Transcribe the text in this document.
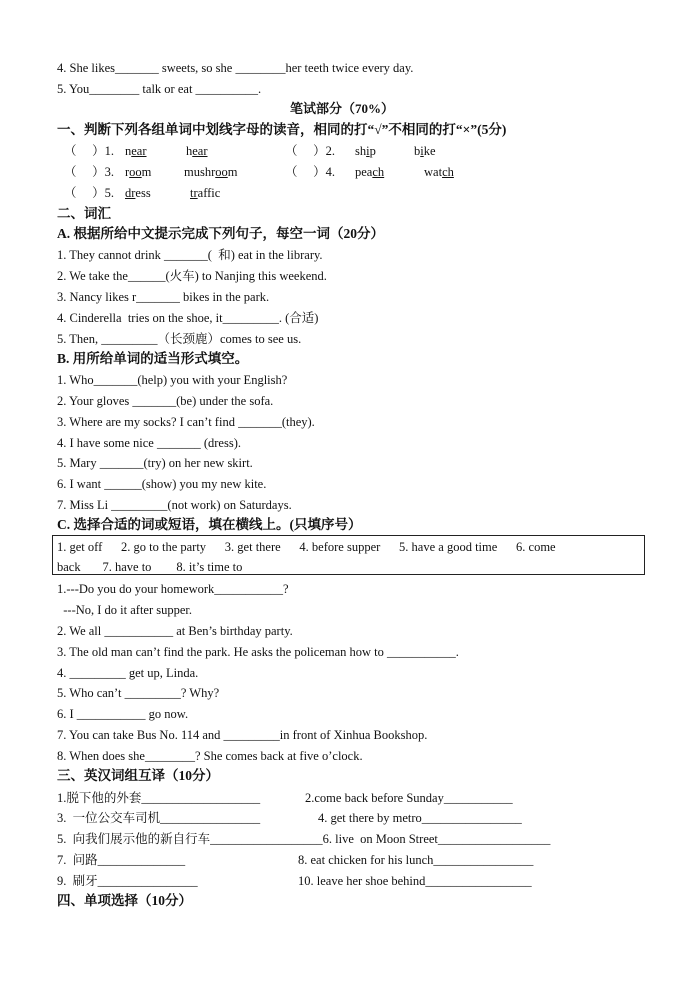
4. She likes_______ sweets, so she ________her teeth twice every day.
5. You________ talk or eat __________.
笔试部分（70%）
一、判断下列各组单词中划线字母的读音，相同的打“√”不相同的打“×”(5分)
（     ）1. near	hear	（     ）2. ship	bike
（     ）3. room	mushroom	（     ）4. peach	watch
（     ）5. dress	traffic
二、词汇
A. 根据所给中文提示完成下列句子，每空一词（20分）
1. They cannot drink _______(  和) eat in the library.
2. We take the______(火车) to Nanjing this weekend.
3. Nancy likes r_______ bikes in the park.
4. Cinderella  tries on the shoe, it_________. (合适)
5. Then, _________（长颈鹿）comes to see us.
B. 用所给单词的适当形式填空。
1. Who_______(help) you with your English?
2. Your gloves _______(be) under the sofa.
3. Where are my socks? I can’t find _______(they).
4. I have some nice _______ (dress).
5. Mary _______(try) on her new skirt.
6. I want ______(show) you my new kite.
7. Miss Li _________(not work) on Saturdays.
C. 选择合适的词或短语，填在横线上。(只填序号）
1. get off      2. go to the party      3. get there      4. before supper      5. have a good time      6. come
back       7. have to        8. it’s time to
1.---Do you do your homework___________?
---No, I do it after supper.
2. We all ___________ at Ben’s birthday party.
3. The old man can’t find the park. He asks the policeman how to ___________.
4. _________ get up, Linda.
5. Who can’t _________? Why?
6. I ___________ go now.
7. You can take Bus No. 114 and _________in front of Xinhua Bookshop.
8. When does she________? She comes back at five o’clock.
三、英汉词组互译（10分）
1.脱下他的外套___________________	2.come back before Sunday___________
3.  一位公交车司机________________	4. get there by metro________________
5.  向我们展示他的新自行车__________________6. live  on Moon Street__________________
7.  问路______________	8. eat chicken for his lunch________________
9.  刷牙________________	10. leave her shoe behind_________________
四、单项选择（10分）
